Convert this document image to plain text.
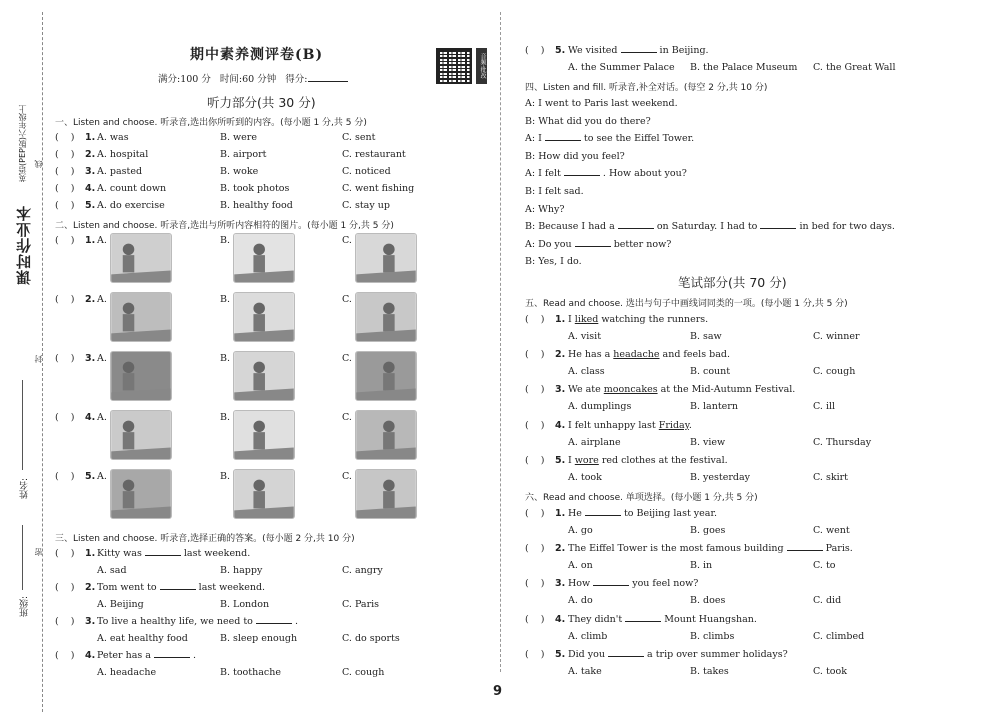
课时作业本
英语(PEP版)六年级上
姓名:
班级:
线
封
密
期中素养测评卷(B)
满分:100 分 时间:60 分钟 得分:
音频·批改
听力部分(共 30 分)
一、Listen and choose. 听录音,选出你所听到的内容。(每小题 1 分,共 5 分)
(    ) 1. A. was	B. were	C. sent
(    ) 2. A. hospital	B. airport	C. restaurant
(    ) 3. A. pasted	B. woke	C. noticed
(    ) 4. A. count down	B. took photos	C. went fishing
(    ) 5. A. do exercise	B. healthy food	C. stay up
二、Listen and choose. 听录音,选出与所听内容相符的图片。(每小题 1 分,共 5 分)
(    ) 1. A.	B.	C.
(    ) 2. A.	B.	C.
(    ) 3. A.	B.	C.
(    ) 4. A.	B.	C.
(    ) 5. A.	B.	C.
三、Listen and choose. 听录音,选择正确的答案。(每小题 2 分,共 10 分)
(    ) 1. Kitty was	last weekend.
A. sad	B. happy	C. angry
(    ) 2. Tom went to	last weekend.
A. Beijing	B. London	C. Paris
(    ) 3. To live a healthy life, we need to	.
A. eat healthy food	B. sleep enough	C. do sports
(    ) 4. Peter has a	.
A. headache	B. toothache	C. cough
(    ) 5. We visited	in Beijing.
A. the Summer Palace B. the Palace Museum C. the Great Wall
四、Listen and fill. 听录音,补全对话。(每空 2 分,共 10 分)
A: I went to Paris last weekend.
B: What did you do there?
A: I	to see the Eiffel Tower.
B: How did you feel?
A: I felt	. How about you?
B: I felt sad.
A: Why?
B: Because I had a	on Saturday. I had to	in bed for two days.
A: Do you	better now?
B: Yes, I do.
笔试部分(共 70 分)
五、Read and choose. 选出与句子中画线词同类的一项。(每小题 1 分,共 5 分)
(    ) 1. I liked watching the runners.
A. visit	B. saw	C. winner
(    ) 2. He has a headache and feels bad.
A. class	B. count	C. cough
(    ) 3. We ate mooncakes at the Mid-Autumn Festival.
A. dumplings	B. lantern	C. ill
(    ) 4. I felt unhappy last Friday.
A. airplane	B. view	C. Thursday
(    ) 5. I wore red clothes at the festival.
A. took	B. yesterday	C. skirt
六、Read and choose. 单项选择。(每小题 1 分,共 5 分)
(    ) 1. He	to Beijing last year.
A. go	B. goes	C. went
(    ) 2. The Eiffel Tower is the most famous building	Paris.
A. on	B. in	C. to
(    ) 3. How	you feel now?
A. do	B. does	C. did
(    ) 4. They didn't	Mount Huangshan.
A. climb	B. climbs	C. climbed
(    ) 5. Did you	a trip over summer holidays?
A. take	B. takes	C. took
9
